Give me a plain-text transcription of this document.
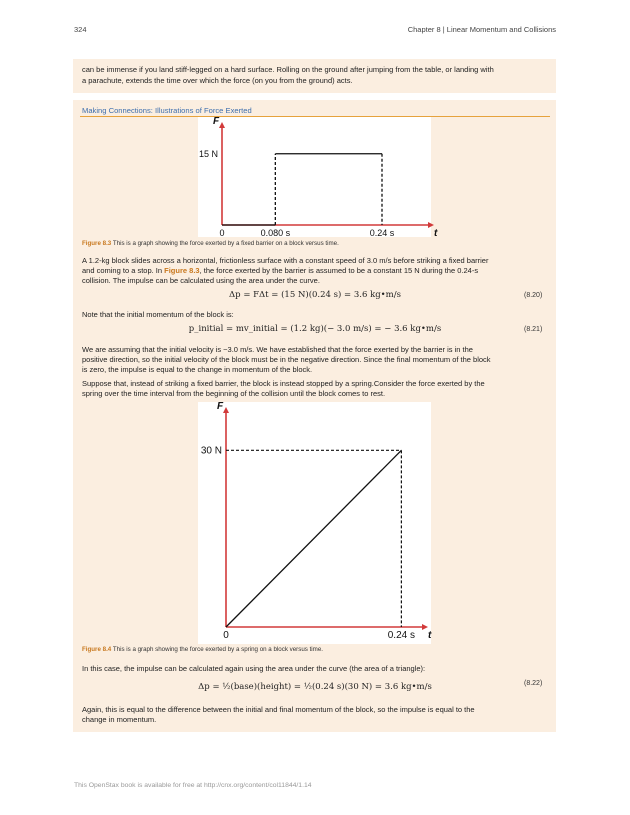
324	Chapter 8 | Linear Momentum and Collisions
can be immense if you land stiff-legged on a hard surface. Rolling on the ground after jumping from the table, or landing with
a parachute, extends the time over which the force (on you from the ground) acts.
Making Connections: Illustrations of Force Exerted
F
t
0	0.080 s	0.24 s
15 N
Figure 8.3 This is a graph showing the force exerted by a fixed barrier on a block versus time.
A 1.2-kg block slides across a horizontal, frictionless surface with a constant speed of 3.0 m/s before striking a fixed barrier
and coming to a stop. In Figure 8.3, the force exerted by the barrier is assumed to be a constant 15 N during the 0.24-s
collision. The impulse can be calculated using the area under the curve.
Δp = FΔt = (15 N)(0.24 s) = 3.6 kg•m/s	(8.20)
Note that the initial momentum of the block is:
p_initial = mv_initial = (1.2 kg)(− 3.0 m/s) = − 3.6 kg•m/s	(8.21)
We are assuming that the initial velocity is −3.0 m/s. We have established that the force exerted by the barrier is in the
positive direction, so the initial velocity of the block must be in the negative direction. Since the final momentum of the block
is zero, the impulse is equal to the change in momentum of the block.
Suppose that, instead of striking a fixed barrier, the block is instead stopped by a spring.Consider the force exerted by the
spring over the time interval from the beginning of the collision until the block comes to rest.
F
t
0	0.24 s
30 N
Figure 8.4 This is a graph showing the force exerted by a spring on a block versus time.
In this case, the impulse can be calculated again using the area under the curve (the area of a triangle):
Δp = ½(base)(height) = ½(0.24 s)(30 N) = 3.6 kg•m/s	(8.22)
Again, this is equal to the difference between the initial and final momentum of the block, so the impulse is equal to the
change in momentum.
This OpenStax book is available for free at http://cnx.org/content/col11844/1.14
